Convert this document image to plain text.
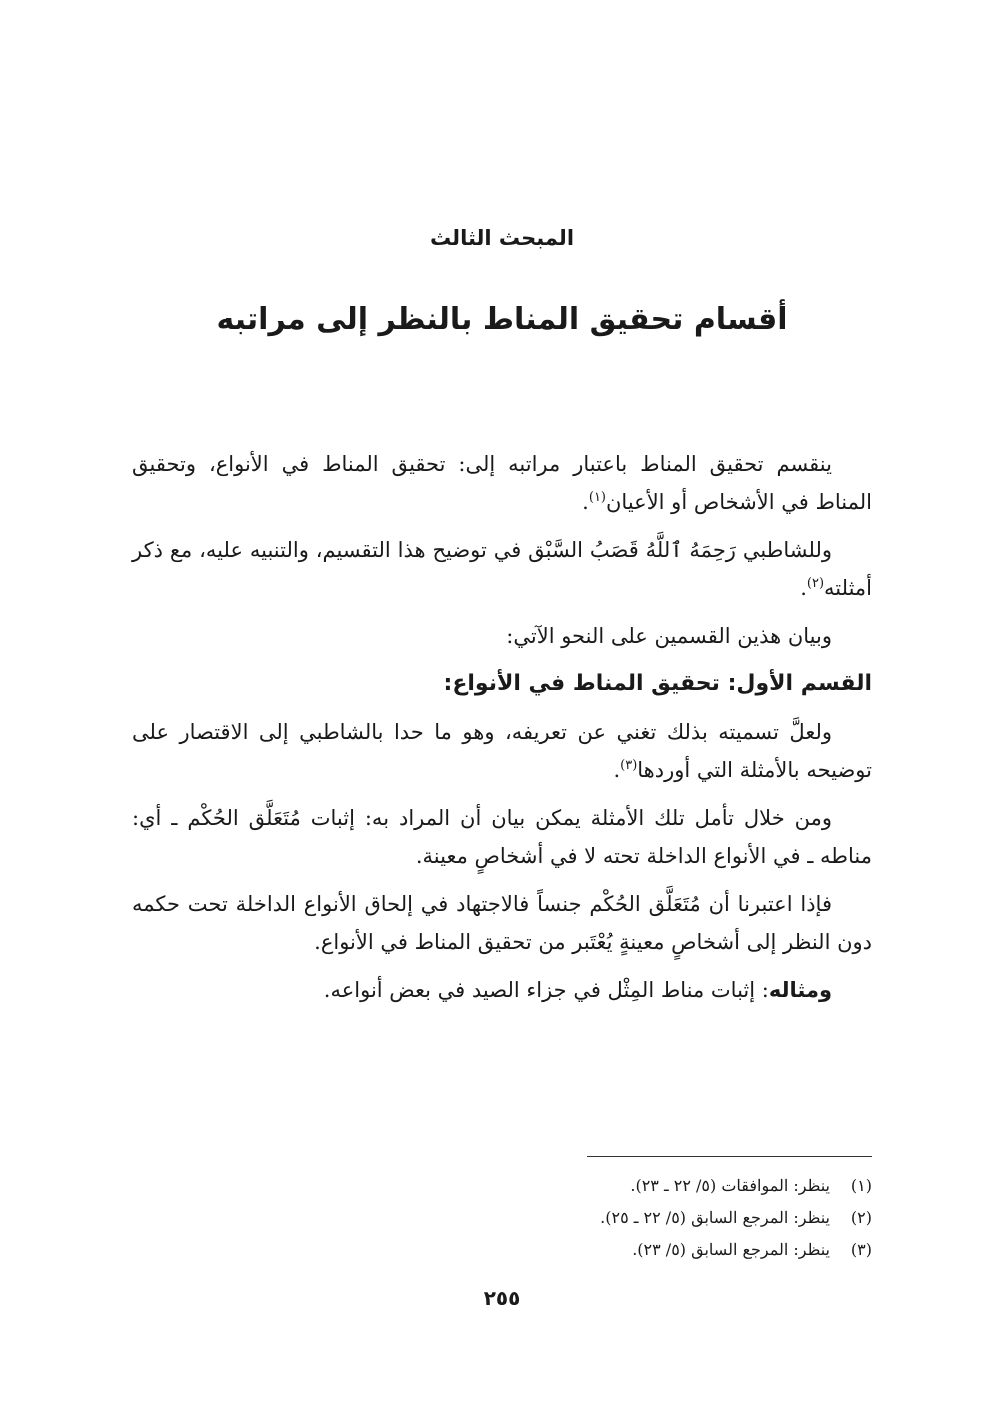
المبحث الثالث
أقسام تحقيق المناط بالنظر إلى مراتبه

ينقسم تحقيق المناط باعتبار مراتبه إلى: تحقيق المناط في الأنواع، وتحقيق المناط في الأشخاص أو الأعيان$^{(١)}$.

وللشاطبي رَحِمَهُ ٱللَّهُ قَصَبُ السَّبْق في توضيح هذا التقسيم، والتنبيه عليه، مع ذكر أمثلته$^{(٢)}$.

وبيان هذين القسمين على النحو الآتي:

القسم الأول: تحقيق المناط في الأنواع:

ولعلَّ تسميته بذلك تغني عن تعريفه، وهو ما حدا بالشاطبي إلى الاقتصار على توضيحه بالأمثلة التي أوردها$^{(٣)}$.

ومن خلال تأمل تلك الأمثلة يمكن بيان أن المراد به: إثبات مُتَعَلَّق الحُكْم ـ أي: مناطه ـ في الأنواع الداخلة تحته لا في أشخاصٍ معينة.

فإذا اعتبرنا أن مُتَعَلَّق الحُكْم جنساً فالاجتهاد في إلحاق الأنواع الداخلة تحت حكمه دون النظر إلى أشخاصٍ معينةٍ يُعْتَبر من تحقيق المناط في الأنواع.

ومثاله: إثبات مناط المِثْل في جزاء الصيد في بعض أنواعه.

(١)ينظر: الموافقات (٥/ ٢٢ ـ ٢٣).
(٢)ينظر: المرجع السابق (٥/ ٢٢ ـ ٢٥).
(٣)ينظر: المرجع السابق (٥/ ٢٣).
٢٥٥
